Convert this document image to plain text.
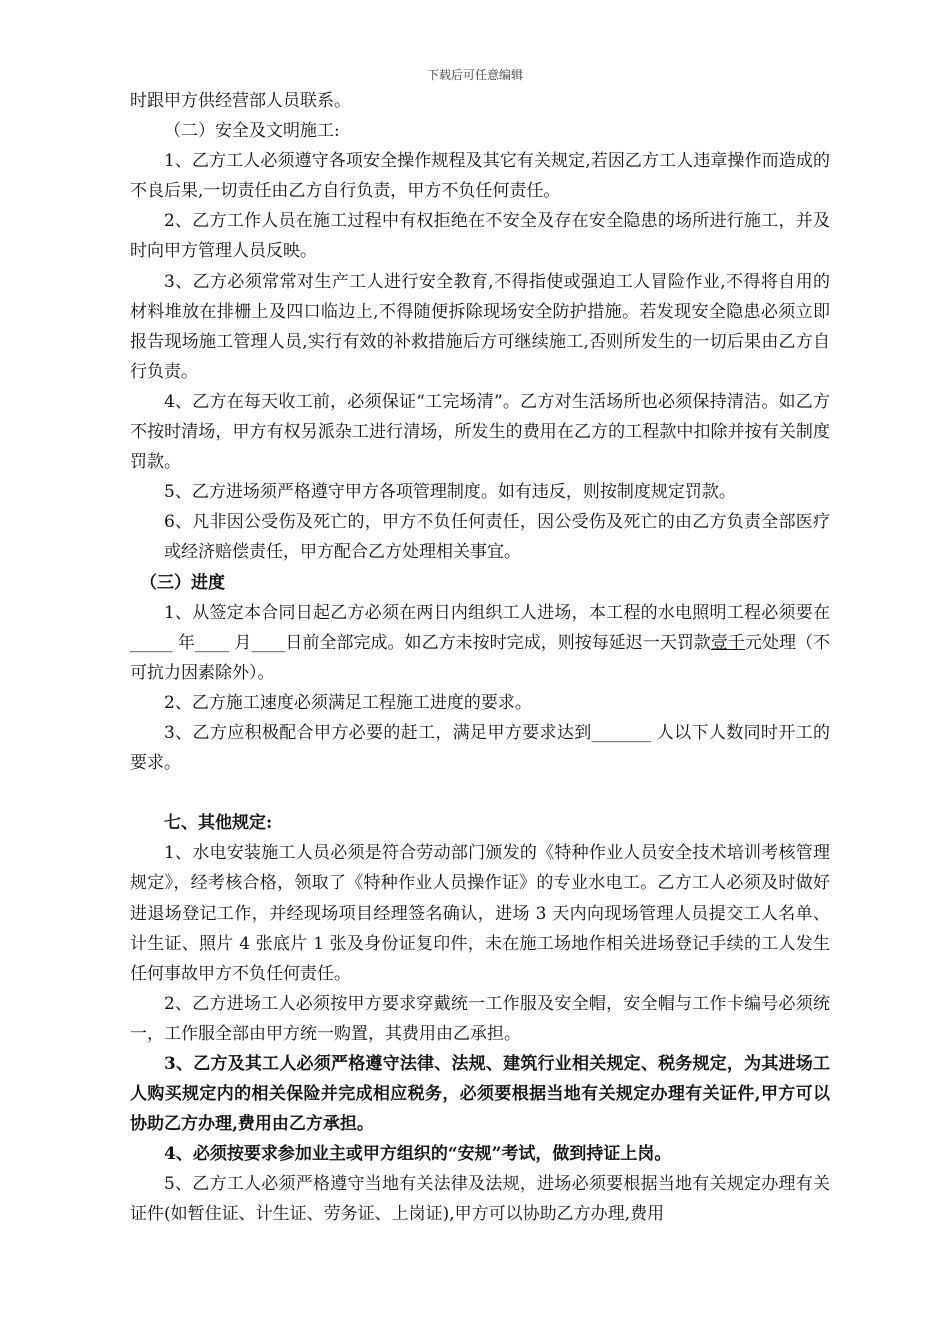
下载后可任意编辑

时跟甲方供经营部人员联系。

（二）安全及文明施工:

1、乙方工人必须遵守各项安全操作规程及其它有关规定,若因乙方工人违章操作而造成的不良后果,一切责任由乙方自行负责，甲方不负任何责任。

2、乙方工作人员在施工过程中有权拒绝在不安全及存在安全隐患的场所进行施工，并及时向甲方管理人员反映。

3、乙方必须常常对生产工人进行安全教育,不得指使或强迫工人冒险作业,不得将自用的材料堆放在排栅上及四口临边上,不得随便拆除现场安全防护措施。若发现安全隐患必须立即报告现场施工管理人员,实行有效的补救措施后方可继续施工,否则所发生的一切后果由乙方自行负责。

4、乙方在每天收工前，必须保证“工完场清”。乙方对生活场所也必须保持清洁。如乙方不按时清场，甲方有权另派杂工进行清场，所发生的费用在乙方的工程款中扣除并按有关制度罚款。

5、乙方进场须严格遵守甲方各项管理制度。如有违反，则按制度规定罚款。

6、凡非因公受伤及死亡的，甲方不负任何责任，因公受伤及死亡的由乙方负责全部医疗或经济赔偿责任，甲方配合乙方处理相关事宜。

（三）进度

1、从签定本合同日起乙方必须在两日内组织工人进场，本工程的水电照明工程必须要在 _____ 年____ 月____日前全部完成。如乙方未按时完成，则按每延迟一天罚款壹千元处理（不可抗力因素除外）。

2、乙方施工速度必须满足工程施工进度的要求。

3、乙方应积极配合甲方必要的赶工，满足甲方要求达到_______ 人以下人数同时开工的要求。

七、其他规定:

1、水电安装施工人员必须是符合劳动部门颁发的《特种作业人员安全技术培训考核管理规定》，经考核合格，领取了《特种作业人员操作证》的专业水电工。乙方工人必须及时做好进退场登记工作，并经现场项目经理签名确认，进场 3 天内向现场管理人员提交工人名单、计生证、照片 4 张底片 1 张及身份证复印件，未在施工场地作相关进场登记手续的工人发生任何事故甲方不负任何责任。

2、乙方进场工人必须按甲方要求穿戴统一工作服及安全帽，安全帽与工作卡编号必须统一，工作服全部由甲方统一购置，其费用由乙承担。

3、乙方及其工人必须严格遵守法律、法规、建筑行业相关规定、税务规定，为其进场工人购买规定内的相关保险并完成相应税务，必须要根据当地有关规定办理有关证件,甲方可以协助乙方办理,费用由乙方承担。

4、必须按要求参加业主或甲方组织的“安规”考试，做到持证上岗。

5、乙方工人必须严格遵守当地有关法律及法规，进场必须要根据当地有关规定办理有关证件(如暂住证、计生证、劳务证、上岗证),甲方可以协助乙方办理,费用
